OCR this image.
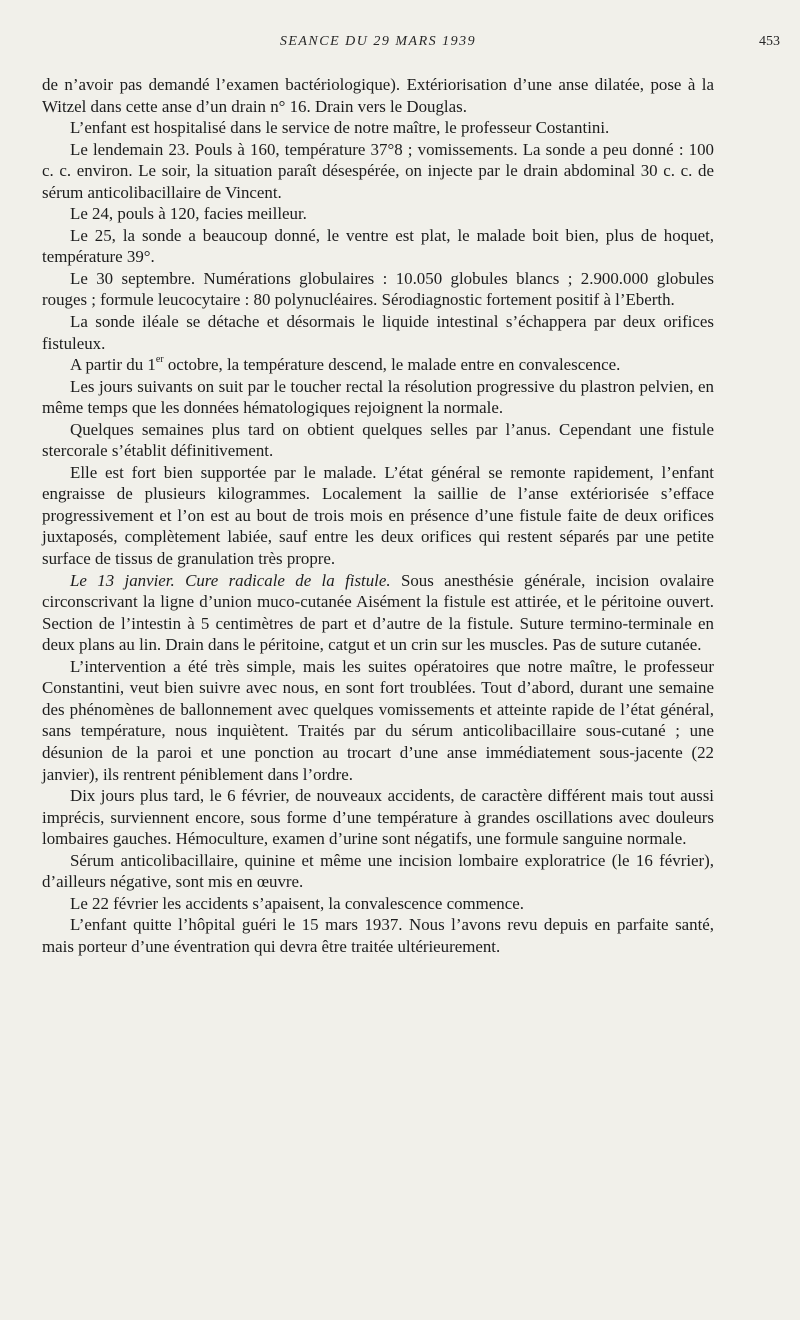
SEANCE DU 29 MARS 1939	453

de n’avoir pas demandé l’examen bactériologique). Extériorisation d’une anse dilatée, pose à la Witzel dans cette anse d’un drain n° 16. Drain vers le Douglas.

L’enfant est hospitalisé dans le service de notre maître, le professeur Costantini.

Le lendemain 23. Pouls à 160, température 37°8 ; vomissements. La sonde a peu donné : 100 c. c. environ. Le soir, la situation paraît désespérée, on injecte par le drain abdominal 30 c. c. de sérum anticolibacillaire de Vincent.

Le 24, pouls à 120, facies meilleur.

Le 25, la sonde a beaucoup donné, le ventre est plat, le malade boit bien, plus de hoquet, température 39°.

Le 30 septembre. Numérations globulaires : 10.050 globules blancs ; 2.900.000 globules rouges ; formule leucocytaire : 80 polynucléaires. Sérodiagnostic fortement positif à l’Eberth.

La sonde iléale se détache et désormais le liquide intestinal s’échappera par deux orifices fistuleux.

A partir du 1er octobre, la température descend, le malade entre en convalescence.

Les jours suivants on suit par le toucher rectal la résolution progressive du plastron pelvien, en même temps que les données hématologiques rejoignent la normale.

Quelques semaines plus tard on obtient quelques selles par l’anus. Cependant une fistule stercorale s’établit définitivement.

Elle est fort bien supportée par le malade. L’état général se remonte rapidement, l’enfant engraisse de plusieurs kilogrammes. Localement la saillie de l’anse extériorisée s’efface progressivement et l’on est au bout de trois mois en présence d’une fistule faite de deux orifices juxtaposés, complètement labiée, sauf entre les deux orifices qui restent séparés par une petite surface de tissus de granulation très propre.

Le 13 janvier. Cure radicale de la fistule. Sous anesthésie générale, incision ovalaire circonscrivant la ligne d’union muco-cutanée Aisément la fistule est attirée, et le péritoine ouvert. Section de l’intestin à 5 centimètres de part et d’autre de la fistule. Suture termino-terminale en deux plans au lin. Drain dans le péritoine, catgut et un crin sur les muscles. Pas de suture cutanée.

L’intervention a été très simple, mais les suites opératoires que notre maître, le professeur Constantini, veut bien suivre avec nous, en sont fort troublées. Tout d’abord, durant une semaine des phénomènes de ballonnement avec quelques vomissements et atteinte rapide de l’état général, sans température, nous inquiètent. Traités par du sérum anticolibacillaire sous-cutané ; une désunion de la paroi et une ponction au trocart d’une anse immédiatement sous-jacente (22 janvier), ils rentrent péniblement dans l’ordre.

Dix jours plus tard, le 6 février, de nouveaux accidents, de caractère différent mais tout aussi imprécis, surviennent encore, sous forme d’une température à grandes oscillations avec douleurs lombaires gauches. Hémoculture, examen d’urine sont négatifs, une formule sanguine normale.

Sérum anticolibacillaire, quinine et même une incision lombaire exploratrice (le 16 février), d’ailleurs négative, sont mis en œuvre.

Le 22 février les accidents s’apaisent, la convalescence commence.

L’enfant quitte l’hôpital guéri le 15 mars 1937. Nous l’avons revu depuis en parfaite santé, mais porteur d’une éventration qui devra être traitée ultérieurement.
